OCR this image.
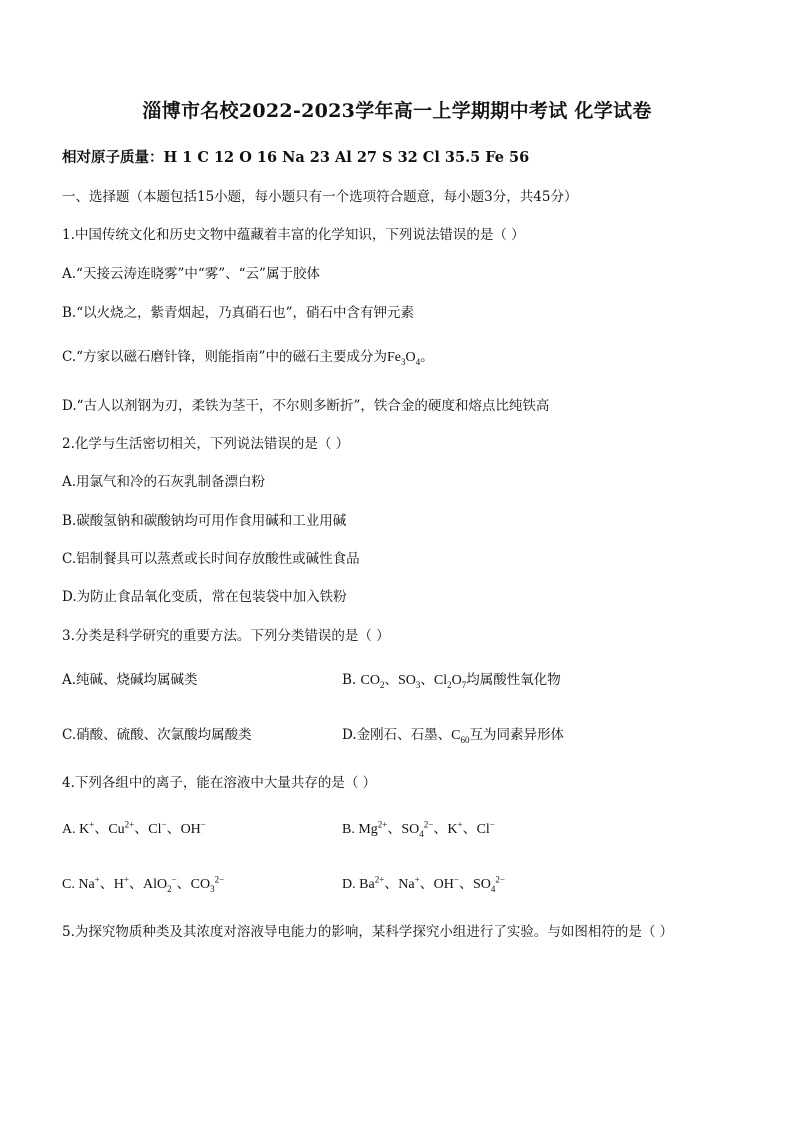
淄博市名校2022-2023学年高一上学期期中考试 化学试卷
相对原子质量：H 1 C 12 O 16 Na 23 Al 27 S 32 Cl 35.5 Fe 56
一、选择题（本题包括15小题，每小题只有一个选项符合题意，每小题3分，共45分）
1.中国传统文化和历史文物中蕴藏着丰富的化学知识，下列说法错误的是（ ）
A.“天接云涛连晓雾”中“雾”、“云”属于胶体
B.“以火烧之，紫青烟起，乃真硝石也”，硝石中含有钾元素
C.“方家以磁石磨针锋，则能指南”中的磁石主要成分为$Fe_3O_4$。
D.“古人以剂钢为刃，柔铁为茎干，不尔则多断折”，铁合金的硬度和熔点比纯铁高
2.化学与生活密切相关，下列说法错误的是（ ）
A.用氯气和冷的石灰乳制备漂白粉
B.碳酸氢钠和碳酸钠均可用作食用碱和工业用碱
C.铝制餐具可以蒸煮或长时间存放酸性或碱性食品
D.为防止食品氧化变质，常在包装袋中加入铁粉
3.分类是科学研究的重要方法。下列分类错误的是（ ）
A.纯碱、烧碱均属碱类	B. $CO_2$、$SO_3$、$Cl_2O_7$均属酸性氧化物
C.硝酸、硫酸、次氯酸均属酸类	D.金刚石、石墨、$C_{60}$互为同素异形体
4.下列各组中的离子，能在溶液中大量共存的是（ ）
A. K+、$Cu^{2+}$、Cl−、OH−	B. $Mg^{2+}$、$SO_4^{2-}$、K+、Cl−
C. Na+、H+、AlO$_2$−、$CO_3^{2-}$	D. $Ba^{2+}$、Na+、OH−、$SO_4^{2-}$
5.为探究物质种类及其浓度对溶液导电能力的影响，某科学探究小组进行了实验。与如图相符的是（ ）
